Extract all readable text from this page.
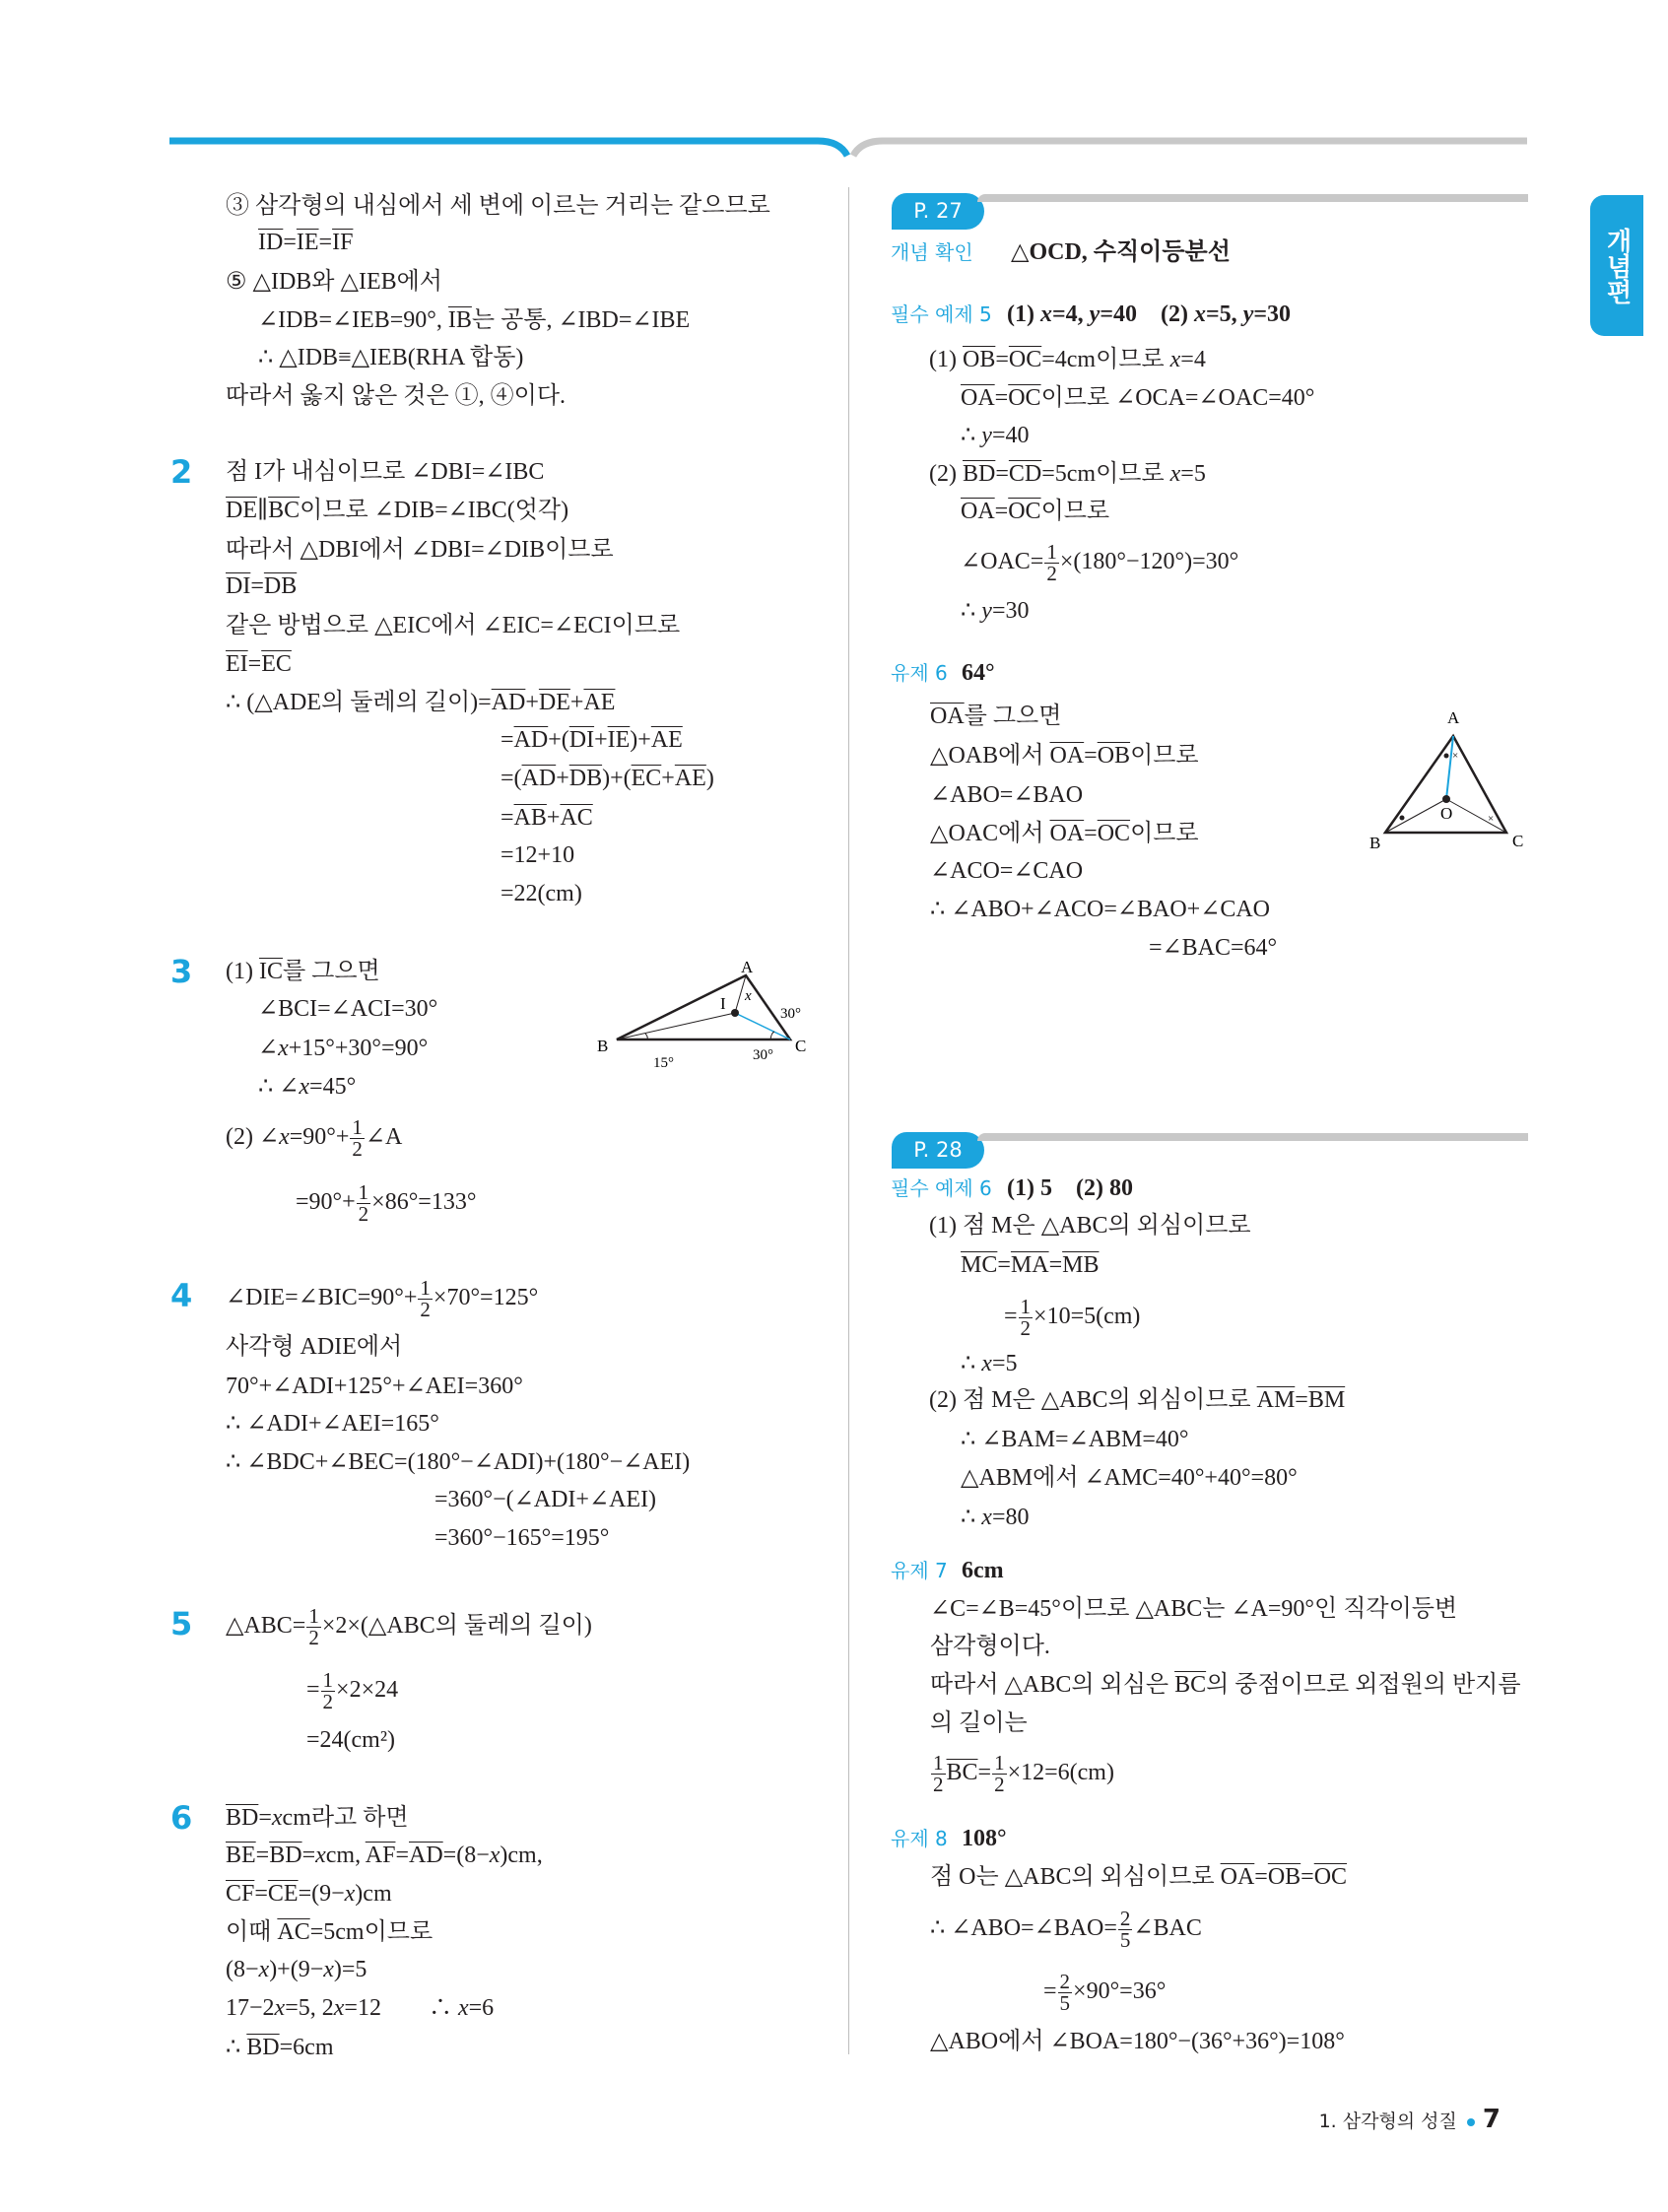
개념편
③ 삼각형의 내심에서 세 변에 이르는 거리는 같으므로
$\overline{ID}=\overline{IE}=\overline{IF}$
⑤ △IDB와 △IEB에서
∠IDB=∠IEB=90°, $\overline{IB}$는 공통, ∠IBD=∠IBE
∴ △IDB≡△IEB(RHA 합동)
따라서 옳지 않은 것은 ①, ④이다.
2 점 I가 내심이므로 ∠DBI=∠IBC
$\overline{DE}\parallel\overline{BC}$이므로 ∠DIB=∠IBC(엇각)
따라서 △DBI에서 ∠DBI=∠DIB이므로
$\overline{DI}=\overline{DB}$
같은 방법으로 △EIC에서 ∠EIC=∠ECI이므로
$\overline{EI}=\overline{EC}$
∴ (△ADE의 둘레의 길이)$=\overline{AD}+\overline{DE}+\overline{AE}$
$=\overline{AD}+(\overline{DI}+\overline{IE})+\overline{AE}$
$=(\overline{AD}+\overline{DB})+(\overline{EC}+\overline{AE})$
$=\overline{AB}+\overline{AC}$
=12+10
=22(cm)
3 (1) $\overline{IC}$를 그으면
∠BCI=∠ACI=30°
∠x+15°+30°=90°
∴ ∠x=45°
(2) ∠x=90°+ $\frac{1}{2}$ ∠A
$=90^\circ+ \frac{1}{2} \times 86^\circ=133^\circ$
A
I x
30°
B	C
15°	30°
4 ∠DIE=∠BIC=90°+ $\frac{1}{2} \times 70^\circ=125^\circ$
사각형 ADIE에서
70°+∠ADI+125°+∠AEI=360°
∴ ∠ADI+∠AEI=165°
∴ ∠BDC+∠BEC=(180°−∠ADI)+(180°−∠AEI)
=360°−(∠ADI+∠AEI)
=360°−165°=195°
5 △ABC= $\frac{1}{2}$ ×2×(△ABC의 둘레의 길이)
= $\frac{1}{2} \times 2\times 24$
=24(cm²)
6 $\overline{BD}=xcm$라고 하면
$\overline{BE}=\overline{BD}=xcm$, $\overline{AF}=\overline{AD}=(8-x)cm$,
$\overline{CF}=\overline{CE}=(9-x)cm$
이때 $\overline{AC}=5cm$이므로
(8−x)+(9−x)=5
17−2x=5, 2x=12　　∴ x=6
∴ $\overline{BD}=6cm$
P. 27
개념 확인 △OCD, 수직이등분선
필수 예제 5 (1) x=4, y=40　(2) x=5, y=30
(1) $\overline{OB}=\overline{OC}=4cm$이므로 x=4
$\overline{OA}=\overline{OC}$이므로 ∠OCA=∠OAC=40°
∴ y=40
(2) $\overline{BD}=\overline{CD}=5cm$이므로 x=5
$\overline{OA}=\overline{OC}$이므로
∠OAC= $\frac{1}{2} \times(180^\circ-120^\circ)=30^\circ$
∴ y=30
유제 6 64°
$\overline{OA}$를 그으면
△OAB에서 $\overline{OA}=\overline{OB}$이므로
∠ABO=∠BAO
△OAC에서 $\overline{OA}=\overline{OC}$이므로
∠ACO=∠CAO
∴ ∠ABO+∠ACO=∠BAO+∠CAO
=∠BAC=64°
×
×
A
B	C
O
P. 28
필수 예제 6 (1) 5　(2) 80
(1) 점 M은 △ABC의 외심이므로
$\overline{MC}=\overline{MA}=\overline{MB}$
= $\frac{1}{2} \times 10=5(cm)$
∴ x=5
(2) 점 M은 △ABC의 외심이므로 $\overline{AM}=\overline{BM}$
∴ ∠BAM=∠ABM=40°
△ABM에서 ∠AMC=40°+40°=80°
∴ x=80
유제 7 6cm
∠C=∠B=45°이므로 △ABC는 ∠A=90°인 직각이등변
삼각형이다.
따라서 △ABC의 외심은 $\overline{BC}$의 중점이므로 외접원의 반지름
의 길이는
$\frac{1}{2} \overline{BC}= \frac{1}{2} \times 12=6(cm)$
유제 8 108°
점 O는 △ABC의 외심이므로 $\overline{OA}=\overline{OB}=\overline{OC}$
∴ ∠ABO=∠BAO= $\frac{2}{5}$ ∠BAC
= $\frac{2}{5} \times 90^\circ=36^\circ$
△ABO에서 ∠BOA=180°−(36°+36°)=108°
1. 삼각형의 성질 7
